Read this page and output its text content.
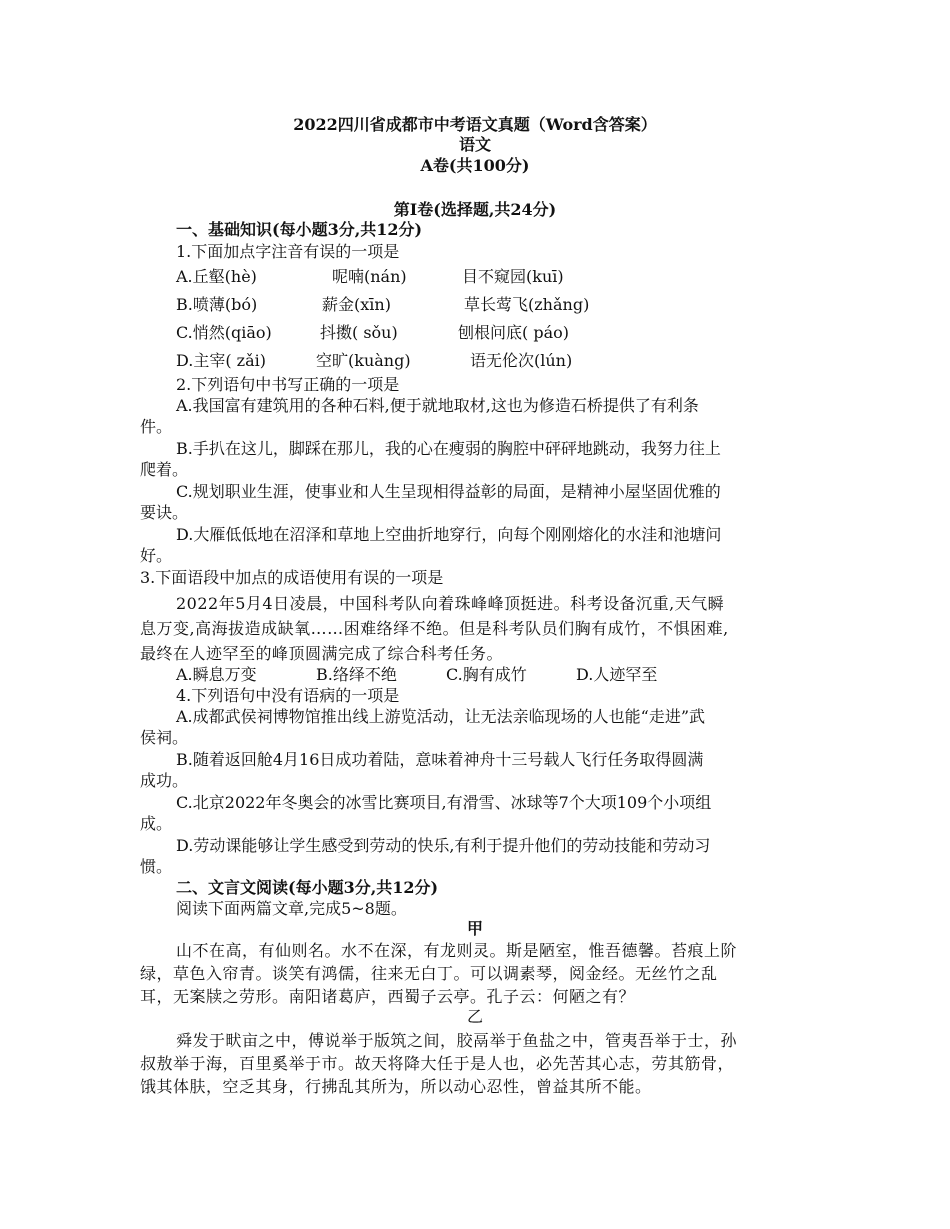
2022四川省成都市中考语文真题（Word含答案）
语文
A卷(共100分)
第Ⅰ卷(选择题,共24分)
一、基础知识(每小题3分,共12分)
1.下面加点字注音有误的一项是
A.丘壑(hè)	呢喃(nán)	目不窥园(kuī)
B.喷薄(bó)	薪金(xīn)	草长莺飞(zhǎng)
C.悄然(qiāo)	抖擞( sǒu)	刨根问底( páo)
D.主宰( zǎi)	空旷(kuàng)	语无伦次(lún)
2.下列语句中书写正确的一项是
A.我国富有建筑用的各种石料,便于就地取材,这也为修造石桥提供了有利条
件。
B.手扒在这儿，脚踩在那儿，我的心在瘦弱的胸腔中砰砰地跳动，我努力往上
爬着。
C.规划职业生涯，使事业和人生呈现相得益彰的局面，是精神小屋坚固优雅的
要诀。
D.大雁低低地在沼泽和草地上空曲折地穿行，向每个刚刚熔化的水洼和池塘问
好。
3.下面语段中加点的成语使用有误的一项是
2022年5月4日凌晨，中国科考队向着珠峰峰顶挺进。科考设备沉重,天气瞬
息万变,高海拔造成缺氧……困难络绎不绝。但是科考队员们胸有成竹，不惧困难,
最终在人迹罕至的峰顶圆满完成了综合科考任务。
A.瞬息万变	B.络绎不绝	C.胸有成竹	D.人迹罕至
4.下列语句中没有语病的一项是
A.成都武侯祠博物馆推出线上游览活动，让无法亲临现场的人也能“走进”武
侯祠。
B.随着返回舱4月16日成功着陆，意味着神舟十三号载人飞行任务取得圆满
成功。
C.北京2022年冬奥会的冰雪比赛项目,有滑雪、冰球等7个大项109个小项组
成。
D.劳动课能够让学生感受到劳动的快乐,有利于提升他们的劳动技能和劳动习
惯。
二、文言文阅读(每小题3分,共12分)
阅读下面两篇文章,完成5~8题。
甲
山不在高，有仙则名。水不在深，有龙则灵。斯是陋室，惟吾德馨。苔痕上阶
绿，草色入帘青。谈笑有鸿儒，往来无白丁。可以调素琴，阅金经。无丝竹之乱
耳，无案牍之劳形。南阳诸葛庐，西蜀子云亭。孔子云：何陋之有？
乙
舜发于畎亩之中，傅说举于版筑之间，胶鬲举于鱼盐之中，管夷吾举于士，孙
叔敖举于海，百里奚举于市。故天将降大任于是人也，必先苦其心志，劳其筋骨，
饿其体肤，空乏其身，行拂乱其所为，所以动心忍性，曾益其所不能。
